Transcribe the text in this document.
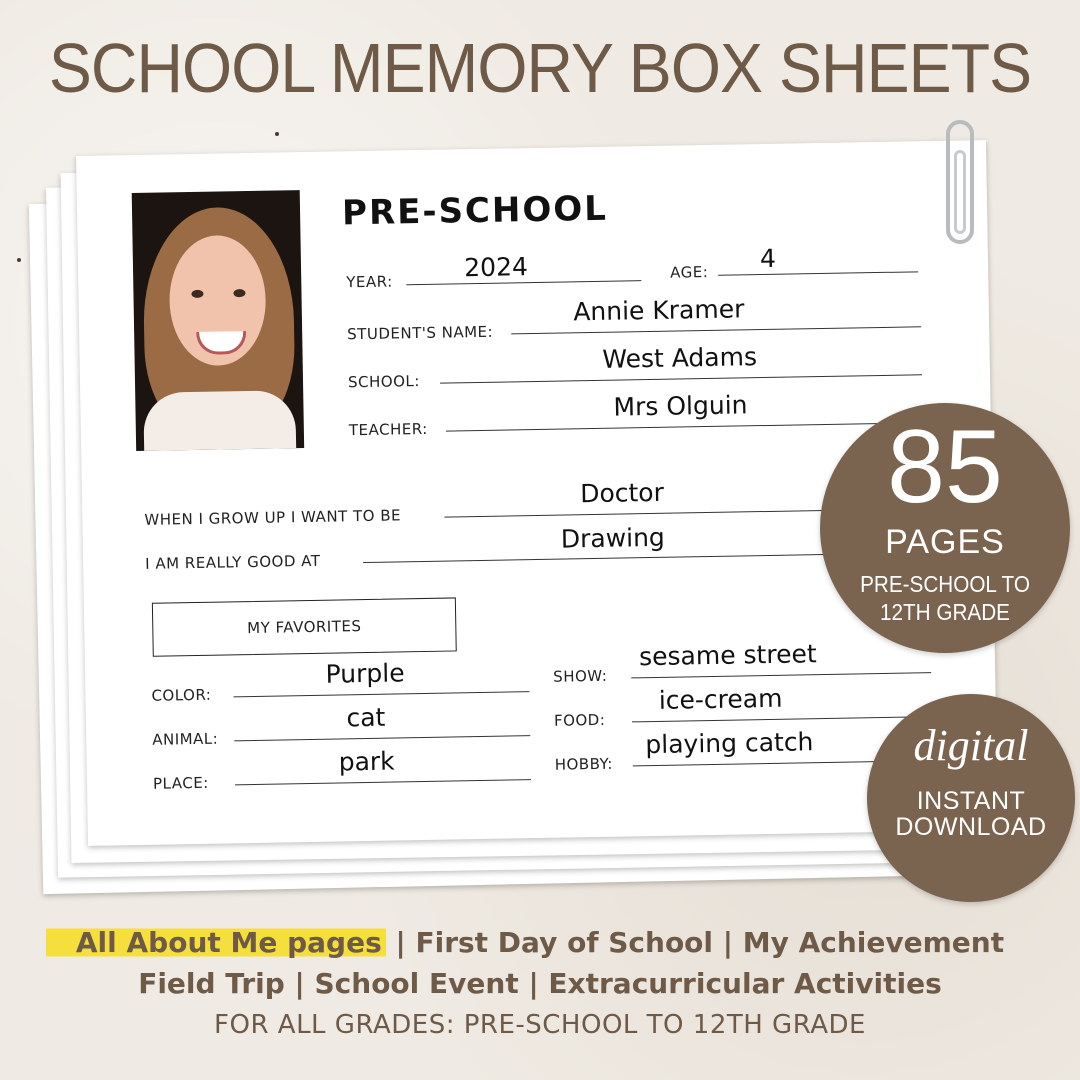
SCHOOL MEMORY BOX SHEETS
PRE-SCHOOL
YEAR:	2024	AGE:	4
STUDENT'S NAME:
Annie Kramer
SCHOOL:
West Adams
TEACHER:
Mrs Olguin
WHEN I GROW UP I WANT TO BE
Doctor
I AM REALLY GOOD AT
Drawing
MY FAVORITES
COLOR:
Purple
ANIMAL:
cat
PLACE:
park
SHOW:
sesame street
FOOD:
ice-cream
HOBBY:
playing catch
85
PAGES
PRE-SCHOOL TO
12TH GRADE
digital
INSTANT
DOWNLOAD
All About Me pages | First Day of School | My Achievement
Field Trip | School Event | Extracurricular Activities
FOR ALL GRADES: PRE-SCHOOL TO 12TH GRADE
